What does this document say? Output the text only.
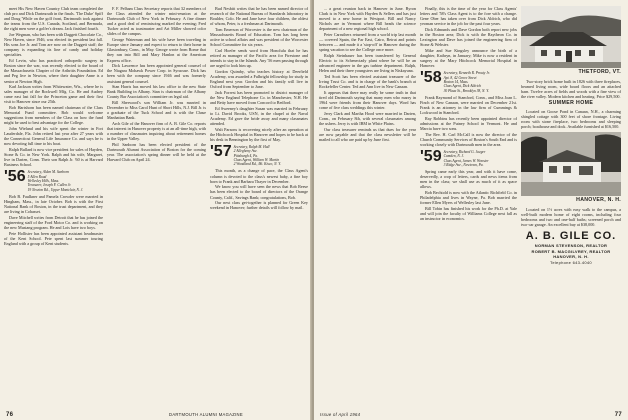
meet His New Haven Country Club team completed the club pro and Dick Dartmouth in the finals. 'The Duke' Spiff and Doug 'While on the golf front, Dartmouth took against the teams from the U.S. Canada, Scotland, and Bermuda, the right men were a golfer's dream. Jack finished fourth.

Joe Wegman, who has been with Daggett Chocolate Co., New Haven, since 1946, was elected its president last fall. His sons Joe Jr. and Tom are now on the Daggett staff; the company is expanding its line of candy and holiday specialties.

Ed Levin, who has practiced orthopedic surgery in Boston since the war, was recently elected to the board of the Massachusetts Chapter of the Arthritis Foundation. Ed and Peg live in Newton, where their daughter Anne is a senior at Newton High.

Karl Jackson writes from Whitewater, Wis., where he is sales manager of the Rockwell Mfg. Co. He and Audrey came east last fall for the Princeton game and their first visit to Hanover since our 25th.

Bob Hartshorn has been named chairman of the Class Memorial Fund committee. Bob would welcome suggestions from members of the Class on how the fund might be used to best advantage for the College.

John Wieland and his wife spent the winter in Fort Lauderdale, Fla. John retired last year after 27 years with the Connecticut General Life Insurance Co. and says he is now devoting full time to his boat.

Ralph Bullard is now vice president for sales of Hayden, Stone & Co. in New York. Ralph and his wife, Margaret, live in Darien, Conn. Their son Ralph Jr. '60 is at Harvard Business School.

'56 Secretary, Alden M. Sanborn
5 Allen Road
Wellesley Hills, Mass.
Treasurer, Joseph F. Cullen Jr.
19 Newton Rd., Upper Montclair, N. J.

Bob B. Faulkner and Pamela Crowder were married in Hingham, Mass., in late October. Bob is with the First National Bank of Boston, in the trust department, and they are living in Cohasset.

Dave Mitchell writes from Detroit that he has joined the engineering staff of the Ford Motor Co. and is working on the new Mustang program. He and Lois have two boys.

Pete Hollister has been appointed assistant headmaster of the Kent School. Pete spent last summer touring England with a group of Kent students.

F. F. Pelham Class Secretary reports that 32 members of the Class attended the winter mini-reunion at the Dartmouth Club of New York in February. A fine dinner and a good deal of reminiscing marked the evening; Fred Tucker acted as toastmaster and Art Miller showed color slides of the campus.

George Waterman and his wife have been traveling in Europe since January and expect to return to their home in Glastonbury, Conn., in May. George wrote from Rome that they ran into Bill and Mary Hanlon at the American Express office.

Dick Lawrence has been appointed general counsel of the Niagara Mohawk Power Corp. in Syracuse. Dick has been with the company since 1946 and was formerly assistant general counsel.

Stan Harris has moved his law office to the new State Bank Building in Albany. Stan is chairman of the Albany County Bar Association's committee on legal aid.

Bill Sherwood's son William Jr. was married in December to Miss Carol Hunt of Short Hills, N.J. Bill Jr. is a graduate of the Tuck School and is with the Chase Manhattan Bank.

Arch Gile of the Hanover firm of A. B. Gile Co. reports that interest in Hanover property is at an all-time high, with a number of classmates inquiring about retirement homes in the Upper Valley.

Phil Sanborn has been elected president of the Dartmouth Alumni Association of Boston for the coming year. The association's spring dinner will be held at the Harvard Club on April 24.

Bud Nesbitt writes that he has been named director of research of the National Bureau of Standards laboratory in Boulder, Colo. He and Jane have four children, the oldest of whom, Peter, is a freshman at Dartmouth.

Tom Emerson of Worcester is the new chairman of the Massachusetts Board of Education. Tom has long been active in school affairs and was president of the Worcester School Committee for six years.

Carl Hoefer sends word from Honolulu that he has retired as manager of the Pacific area for Firestone and intends to stay in the Islands. Any '56 men passing through are urged to look him up.

Gordon Quimby, who teaches history at Deerfield Academy, was awarded a Fulbright fellowship for study in England next year. Gordon and his family will live in Oxford from September to June.

Jack Forrest has been promoted to district manager of the New England Telephone Co. in Manchester, N.H. He and Betty have moved from Concord to Bedford.

Ed Sweeney's daughter Susan was married in February to Lt. David Brooks, USN, in the chapel at the Naval Academy. Ed gave the bride away and many classmates attended.

Walt Parsons is recovering nicely after an operation at the Hitchcock Hospital in Hanover and hopes to be back at his desk in Bennington by the first of May.

'57 Secretary, Ralph M. Hall
2 Allegheny Ave.
Pittsburgh 4, Pa.
Class Agent, William W. Martin
2 Woodland Rd., Mt. Kisco, N. Y.

This month, as a change of pace, the Class Agent's column is devoted to the class's newest baby, a fine boy born to Frank and Barbara Thayer in December.

We know you will have seen the news that Bob Reese has been elected to the board of directors of the Orange County, Calif., Savings Bank; congratulations, Bob.

Our next class get-together is planned for Green Key weekend in Hanover; further details will follow by mail.

76	DARTMOUTH ALUMNI MAGAZINE

... a great reunion back in Hanover in June. Byron Clark is in New York with Hayden & Sellers and has just moved to a new home in Westport. Bill and Nancy Nichols are in Vermont where Bill heads the science department of a new regional high school.

Peter Carruthers returned from a world trip last month — covered Spain, the Far East, Cairo, Beirut and points between — and made it a 'stop-off' in Hanover during the spring vacation to see the College once more.

Ralph Steinhauer has been transferred by General Electric to its Schenectady plant where he will be an advanced engineer in the gas turbine department. Ralph, Helen and their three youngsters are living in Niskayuna.

Ted Scott has been elected assistant treasurer of the Irving Trust Co. and is in charge of the bank's branch at Rockefeller Center. Ted and Ann live in New Canaan.

It appears that there may really be some truth in that tired old Dartmouth saying that many men who marry in 1964 were friends from their Hanover days. Word has come of five class weddings this winter.

Jerry Clark and Martha Hood were married in Darien, Conn., on February 8th, with several classmates among the ushers. Jerry is with IBM in White Plains.

Our class treasurer reminds us that dues for the year are now payable and that the class newsletter will be mailed to all who are paid up by June first.

Finally, this is the time of the year for Class Agents' letters and '58's Class Agent is to the fore with a change. Gene Ober has taken over from Dick Aldrich, who did yeoman service in the job for the past four years.

Dick Edmunds and Dave Gordon both report new jobs in the Boston area; Dick is with the Raytheon Co. in Lexington and Dave has joined the engineering firm of Stone & Webster.

Mike and Sue Kingsley announce the birth of a daughter, Kathryn, in January; Mike is now a resident in surgery at the Mary Hitchcock Memorial Hospital in Hanover.

'58 Secretary, Kenneth R. Prouty Jr.
Apt. 8, 42 Grove Street
Boston 14, Mass.
Class Agent, Dick Aldrich
30 Plaza St., Brooklyn 38, N. Y.

Frank Raymond of Stamford, Conn., and Miss Joan L. Finch of New Canaan, were married on December 21st. Frank is an attorney in the law firm of Cummings & Lockwood in Stamford.

Ray Robbins has recently been appointed director of admissions at the Putney School in Vermont. He and Marcia have two sons.

The Rev. H. Carl McCall is now the director of the Church Community Services of Boston's South End and is working closely with Dartmouth men in the area.

'59 Secretary, Richard G. Jaeger
Camden, N. J.
Class Agent, James W. Wooster
3 Ridge Ave., Newtown, Pa.

Spring came early this year, and with it have come, deservedly, a crop of letters, cards and news items from men in the class; we shall use as much of it as space allows.

Bob Bechtold is now with the Atlantic Richfield Co. in Philadelphia and lives in Wayne, Pa. Bob married the former Ellen Myers of Wellesley last June.

Bill Tobin has finished his work for the Ph.D. at Yale and will join the faculty of Williams College next fall as an instructor in economics.

THETFORD, VT.

Two-story brick home built in 1826 with three fireplaces, beamed living room, wide board floors and an attached barn. Twelve acres of fields and woods with a fine view of the river valley. Modern kitchen and heating. Price $29,500.

SUMMER HOME

Located on Goose Pond in Canaan, N.H., a charming shingled cottage with 300 feet of shore frontage. Living room with stone fireplace, two bedrooms and sleeping porch; boathouse and dock. Available furnished at $16,500.

HANOVER, N. H.

Located on 1½ acres with easy walk to the campus, a well-built modern home of eight rooms, including four bedrooms and two and one-half baths; screened porch and two-car garage. An excellent buy at $38,000.

A. B. GILE CO.
NORMAN STEVENSON, REALTOR
ROBERT B. MACGILVREY, REALTOR
HANOVER, N. H.
Telephone 643-4040
Issue of April 1964	77
